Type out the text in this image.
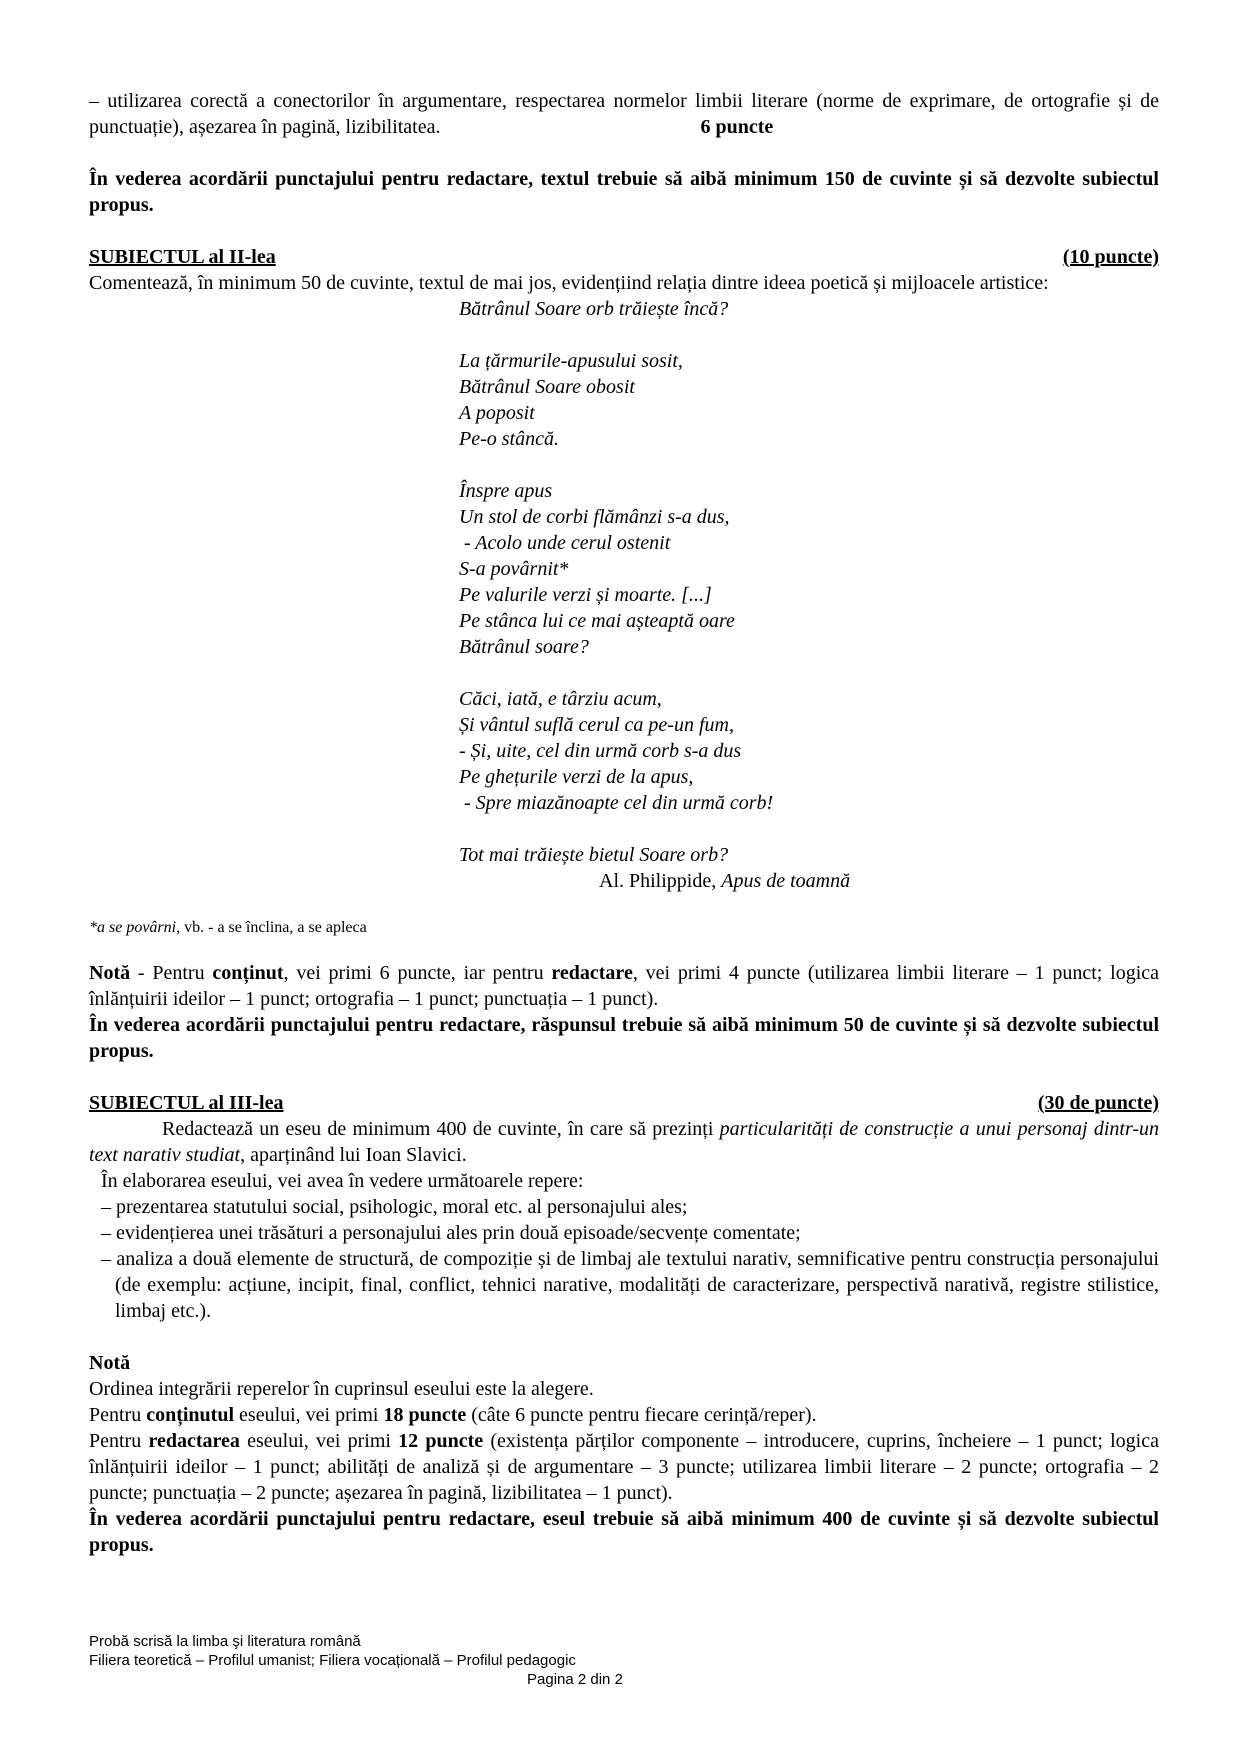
– utilizarea corectă a conectorilor în argumentare, respectarea normelor limbii literare (norme de exprimare, de ortografie și de punctuație), așezarea în pagină, lizibilitatea.	6 puncte

În vederea acordării punctajului pentru redactare, textul trebuie să aibă minimum 150 de cuvinte și să dezvolte subiectul propus.

SUBIECTUL al II-lea	(10 puncte)

Comentează, în minimum 50 de cuvinte, textul de mai jos, evidențiind relația dintre ideea poetică și mijloacele artistice:

Bătrânul Soare orb trăiește încă?
La țărmurile-apusului sosit,
Bătrânul Soare obosit
A poposit
Pe-o stâncă.
Înspre apus
Un stol de corbi flămânzi s-a dus,
- Acolo unde cerul ostenit
S-a povârnit*
Pe valurile verzi și moarte. [...]
Pe stânca lui ce mai așteaptă oare
Bătrânul soare?
Căci, iată, e târziu acum,
Și vântul suflă cerul ca pe-un fum,
- Și, uite, cel din urmă corb s-a dus
Pe ghețurile verzi de la apus,
- Spre miazănoapte cel din urmă corb!
Tot mai trăiește bietul Soare orb?
Al. Philippide, Apus de toamnă
*a se povârni, vb. - a se înclina, a se apleca

Notă - Pentru conținut, vei primi 6 puncte, iar pentru redactare, vei primi 4 puncte (utilizarea limbii literare – 1 punct; logica înlănțuirii ideilor – 1 punct; ortografia – 1 punct; punctuația – 1 punct).

În vederea acordării punctajului pentru redactare, răspunsul trebuie să aibă minimum 50 de cuvinte și să dezvolte subiectul propus.

SUBIECTUL al III-lea	(30 de puncte)

Redactează un eseu de minimum 400 de cuvinte, în care să prezinți particularități de construcție a unui personaj dintr-un text narativ studiat, aparținând lui Ioan Slavici.

În elaborarea eseului, vei avea în vedere următoarele repere:
– prezentarea statutului social, psihologic, moral etc. al personajului ales;
– evidențierea unei trăsături a personajului ales prin două episoade/secvențe comentate;
– analiza a două elemente de structură, de compoziție și de limbaj ale textului narativ, semnificative pentru construcția personajului (de exemplu: acțiune, incipit, final, conflict, tehnici narative, modalități de caracterizare, perspectivă narativă, registre stilistice, limbaj etc.).
Notă

Ordinea integrării reperelor în cuprinsul eseului este la alegere.

Pentru conținutul eseului, vei primi 18 puncte (câte 6 puncte pentru fiecare cerință/reper).

Pentru redactarea eseului, vei primi 12 puncte (existența părților componente – introducere, cuprins, încheiere – 1 punct; logica înlănțuirii ideilor – 1 punct; abilități de analiză și de argumentare – 3 puncte; utilizarea limbii literare – 2 puncte; ortografia – 2 puncte; punctuația – 2 puncte; așezarea în pagină, lizibilitatea – 1 punct).

În vederea acordării punctajului pentru redactare, eseul trebuie să aibă minimum 400 de cuvinte și să dezvolte subiectul propus.

Probă scrisă la limba şi literatura română
Filiera teoretică – Profilul umanist; Filiera vocațională – Profilul pedagogic
Pagina 2 din 2
